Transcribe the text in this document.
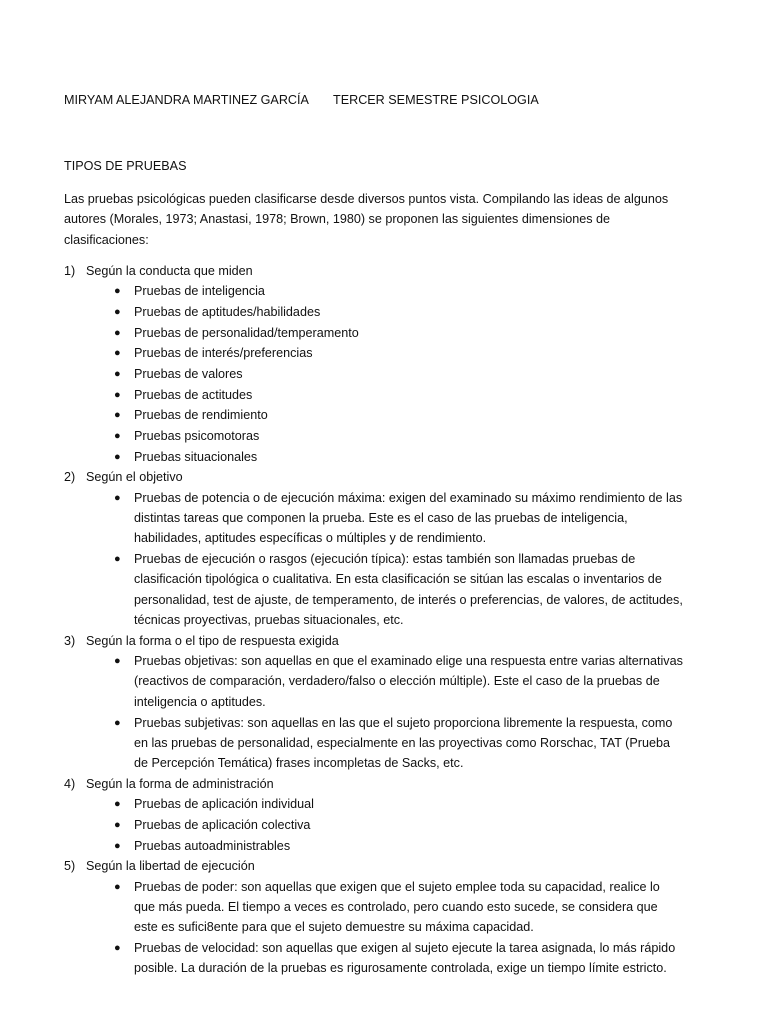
MIRYAM ALEJANDRA MARTINEZ GARCÍA TERCER SEMESTRE PSICOLOGIA
TIPOS DE PRUEBAS

Las pruebas psicológicas pueden clasificarse desde diversos puntos vista. Compilando las ideas de algunos autores (Morales, 1973; Anastasi, 1978; Brown, 1980) se proponen las siguientes dimensiones de clasificaciones:

1) Según la conducta que miden
● Pruebas de inteligencia
● Pruebas de aptitudes/habilidades
● Pruebas de personalidad/temperamento
● Pruebas de interés/preferencias
● Pruebas de valores
● Pruebas de actitudes
● Pruebas de rendimiento
● Pruebas psicomotoras
● Pruebas situacionales
2) Según el objetivo
● Pruebas de potencia o de ejecución máxima: exigen del examinado su máximo rendimiento de las distintas tareas que componen la prueba. Este es el caso de las pruebas de inteligencia, habilidades, aptitudes específicas o múltiples y de rendimiento.
● Pruebas de ejecución o rasgos (ejecución típica): estas también son llamadas pruebas de clasificación tipológica o cualitativa. En esta clasificación se sitúan las escalas o inventarios de personalidad, test de ajuste, de temperamento, de interés o preferencias, de valores, de actitudes, técnicas proyectivas, pruebas situacionales, etc.
3) Según la forma o el tipo de respuesta exigida
● Pruebas objetivas: son aquellas en que el examinado elige una respuesta entre varias alternativas (reactivos de comparación, verdadero/falso o elección múltiple). Este el caso de la pruebas de inteligencia o aptitudes.
● Pruebas subjetivas: son aquellas en las que el sujeto proporciona libremente la respuesta, como en las pruebas de personalidad, especialmente en las proyectivas como Rorschac, TAT (Prueba de Percepción Temática) frases incompletas de Sacks, etc.
4) Según la forma de administración
● Pruebas de aplicación individual
● Pruebas de aplicación colectiva
● Pruebas autoadministrables
5) Según la libertad de ejecución
● Pruebas de poder: son aquellas que exigen que el sujeto emplee toda su capacidad, realice lo que más pueda. El tiempo a veces es controlado, pero cuando esto sucede, se considera que este es sufici8ente para que el sujeto demuestre su máxima capacidad.
● Pruebas de velocidad: son aquellas que exigen al sujeto ejecute la tarea asignada, lo más rápido posible. La duración de la pruebas es rigurosamente controlada, exige un tiempo límite estricto.
